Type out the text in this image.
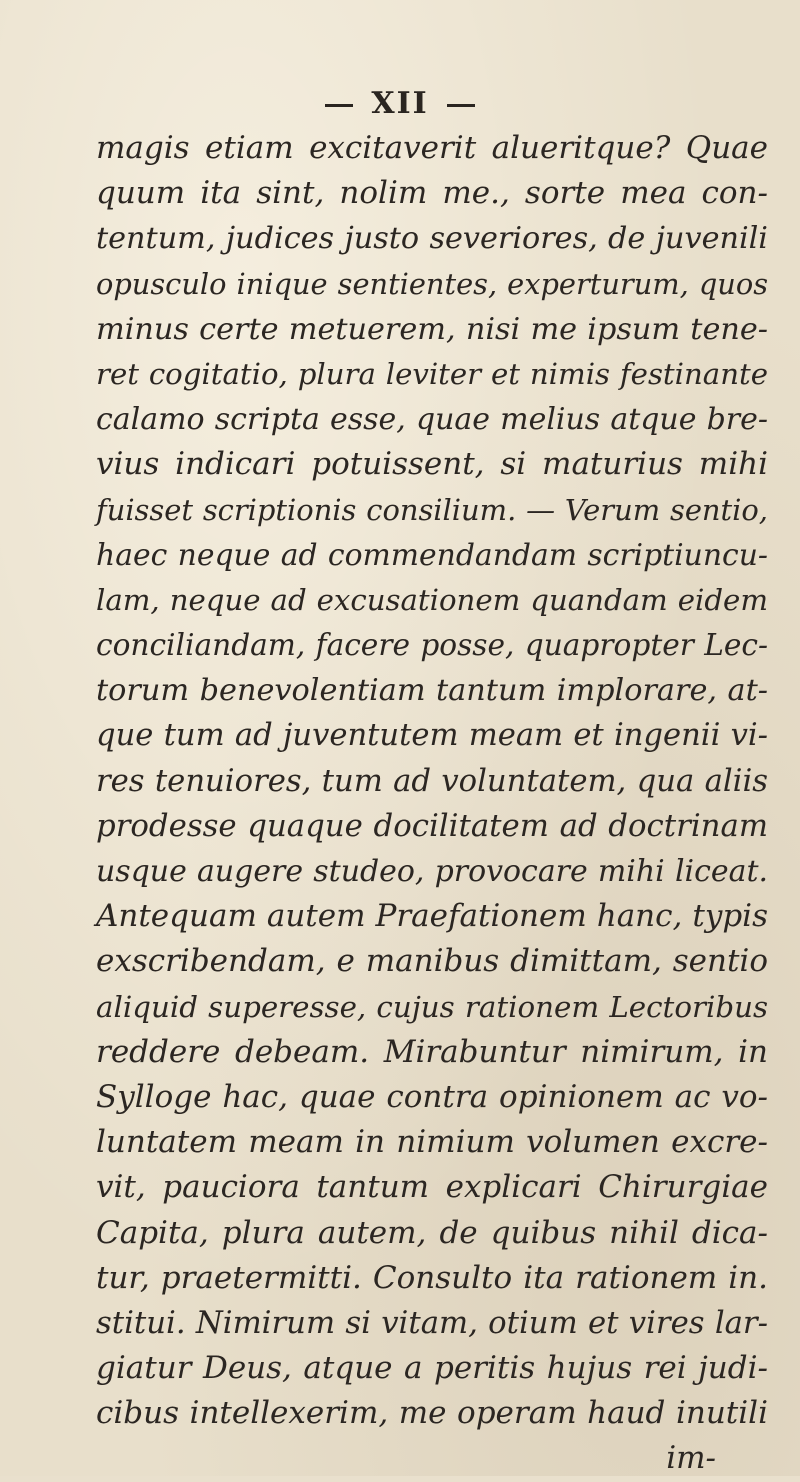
XII
magis etiam excitaverit alueritque? Quae
quum ita sint, nolim me., sorte mea con-
tentum, judices justo severiores, de juvenili
opusculo inique sentientes, experturum, quos
minus certe metuerem, nisi me ipsum tene-
ret cogitatio, plura leviter et nimis festinante
calamo scripta esse, quae melius atque bre-
vius indicari potuissent, si maturius mihi
fuisset scriptionis consilium. — Verum sentio,
haec neque ad commendandam scriptiuncu-
lam, neque ad excusationem quandam eidem
conciliandam, facere posse, quapropter Lec-
torum benevolentiam tantum implorare, at-
que tum ad juventutem meam et ingenii vi-
res tenuiores, tum ad voluntatem, qua aliis
prodesse quaque docilitatem ad doctrinam
usque augere studeo, provocare mihi liceat.
Antequam autem Praefationem hanc, typis
exscribendam, e manibus dimittam, sentio
aliquid superesse, cujus rationem Lectoribus
reddere debeam. Mirabuntur nimirum, in
Sylloge hac, quae contra opinionem ac vo-
luntatem meam in nimium volumen excre-
vit, pauciora tantum explicari Chirurgiae
Capita, plura autem, de quibus nihil dica-
tur, praetermitti. Consulto ita rationem in.
stitui. Nimirum si vitam, otium et vires lar-
giatur Deus, atque a peritis hujus rei judi-
cibus intellexerim, me operam haud inutili
im-
